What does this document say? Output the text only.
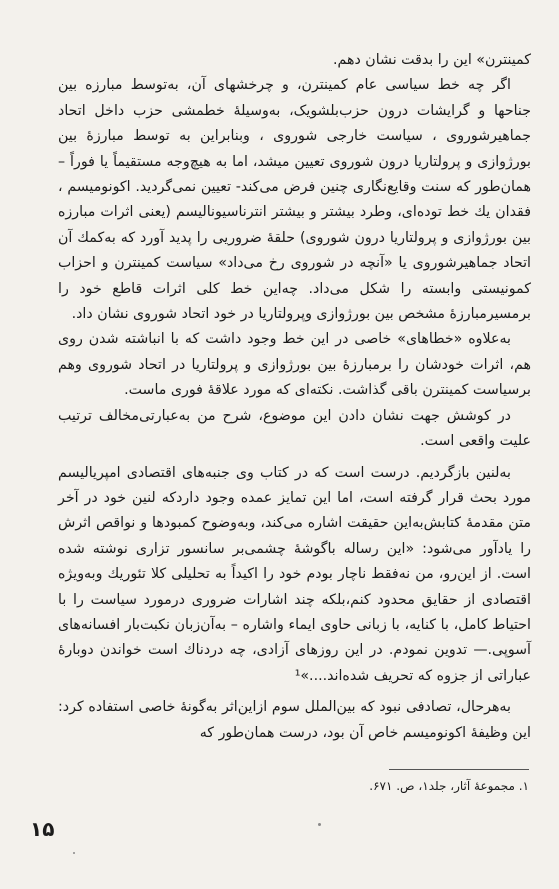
کمینترن» این را بدقت نشان دهم.

اگر چه خط سیاسی عام کمینترن، و چرخشهای آن، به‌توسط مبارزه بین جناحها و گرایشات درون حزب‌بلشویک، به‌وسیلهٔ خطمشی حزب داخل اتحاد جماهیرشوروی ، سیاست خارجی شوروی ، وبنابراین به توسط مبارزهٔ بین بورژوازی و پرولتاریا درون شوروی تعیین میشد، اما به هیچ‌وجه مستقیماً یا فوراً – همان‌طور که سنت وقایع‌نگاری چنین فرض می‌کند- تعیین نمی‌گردید. اکونومیسم ، فقدان یك خط توده‌ای، وطرد بیشتر و بیشتر انترناسیونالیسم (یعنی اثرات مبارزه بین بورژوازی و پرولتاریا درون شوروی) حلقهٔ ضروریی را پدید آورد که به‌کمك آن اتحاد جماهیرشوروی یا «آنچه در شوروی رخ می‌داد» سیاست کمینترن و احزاب کمونیستی وابسته را شکل می‌داد. چه‌این خط کلی اثرات قاطع خود را برمسیرمبارزهٔ مشخص بین بورژوازی وپرولتاریا در خود اتحاد شوروی نشان داد.

به‌علاوه «خطاهای» خاصی در این خط وجود داشت که با انباشته شدن روی هم، اثرات خودشان را برمبارزهٔ بین بورژوازی و پرولتاریا در اتحاد شوروی وهم برسیاست کمینترن باقی گذاشت. نکته‌ای که مورد علاقهٔ فوری ماست.

در کوشش جهت نشان دادن این موضوع، شرح من به‌عبارتی‌مخالف ترتیب علیت واقعی است.

به‌لنین بازگردیم. درست است که در کتاب وی جنبه‌های اقتصادی امپریالیسم مورد بحث قرار گرفته است، اما این تمایز عمده وجود دارد‌که لنین خود در آخر متن مقدمهٔ کتابش‌به‌این حقیقت اشاره می‌کند، وبه‌وضوح کمبودها و نواقص اثرش را یادآور می‌شود: «این رساله باگوشهٔ چشمی‌بر سانسور تزاری نوشته شده است. از این‌رو، من نه‌فقط ناچار بودم خود را اکیداً به تحلیلی کلا تئوریك وبه‌ویژه اقتصادی از حقایق محدود کنم،بلکه چند اشارات ضروری درمورد سیاست را با احتیاط کامل، با کنایه، با زبانی حاوی ایماء واشاره – به‌آن‌زبان نکبت‌بار افسانه‌های آسوپی.— تدوین نمودم. در این روزهای آزادی، چه دردناك است خواندن دوبارهٔ عباراتی از جزوه که تحریف شده‌اند....»¹

به‌هرحال، تصادفی نبود که بین‌الملل سوم ازاین‌اثر به‌گونهٔ خاصی استفاده کرد: این وظیفهٔ اکونومیسم خاص آن بود، درست همان‌طور که

۱. مجموعهٔ آثار، جلد۱، ص. ۶۷۱.
۱۵
